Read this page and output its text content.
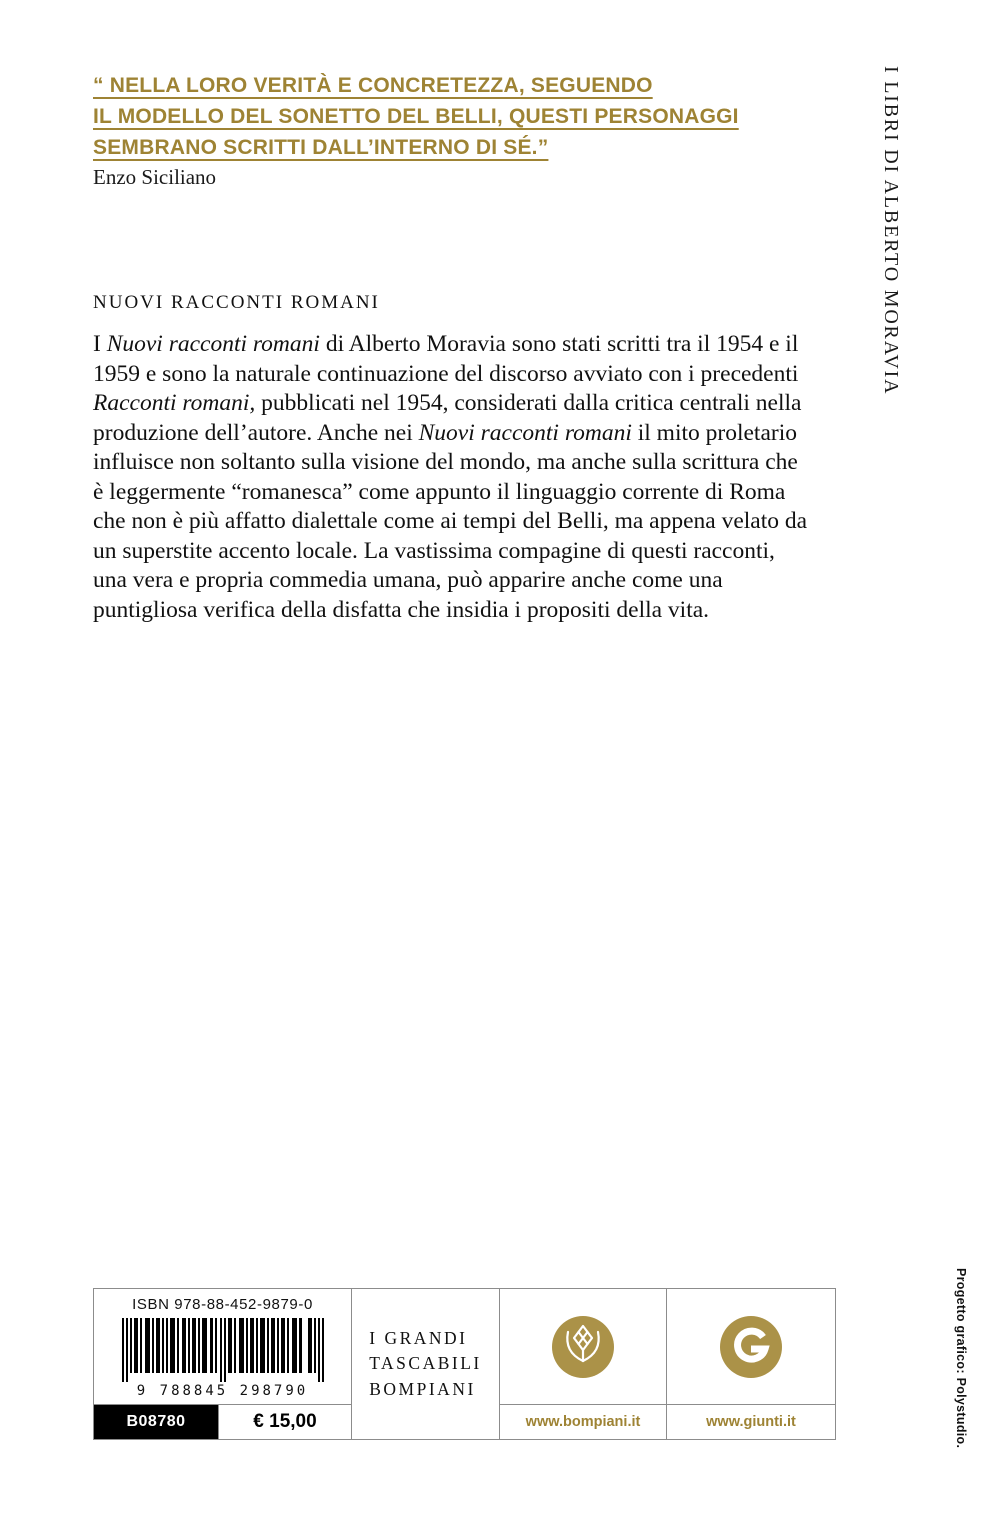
“ NELLA LORO VERITÀ E CONCRETEZZA, SEGUENDO
IL MODELLO DEL SONETTO DEL BELLI, QUESTI PERSONAGGI
SEMBRANO SCRITTI DALL’INTERNO DI SÉ.”
Enzo Siciliano	I LIBRI DI ALBERTO MORAVIA
NUOVI RACCONTI ROMANI

I Nuovi racconti romani di Alberto Moravia sono stati scritti tra il 1954 e il 1959 e sono la naturale continuazione del discorso avviato con i precedenti Racconti romani, pubblicati nel 1954, considerati dalla critica centrali nella produzione dell’autore. Anche nei Nuovi racconti romani il mito proletario influisce non soltanto sulla visione del mondo, ma anche sulla scrittura che è leggermente “romanesca” come appunto il linguaggio corrente di Roma che non è più affatto dialettale come ai tempi del Belli, ma appena velato da un superstite accento locale. La vastissima compagine di questi racconti, una vera e propria commedia umana, può apparire anche come una puntigliosa verifica della disfatta che insidia i propositi della vita.

ISBN 978-88-452-9879-0
9 788845 298790
B08780	€ 15,00
I GRANDI
TASCABILI
BOMPIANI
www.bompiani.it	www.giunti.it	Progetto grafico: Polystudio.
